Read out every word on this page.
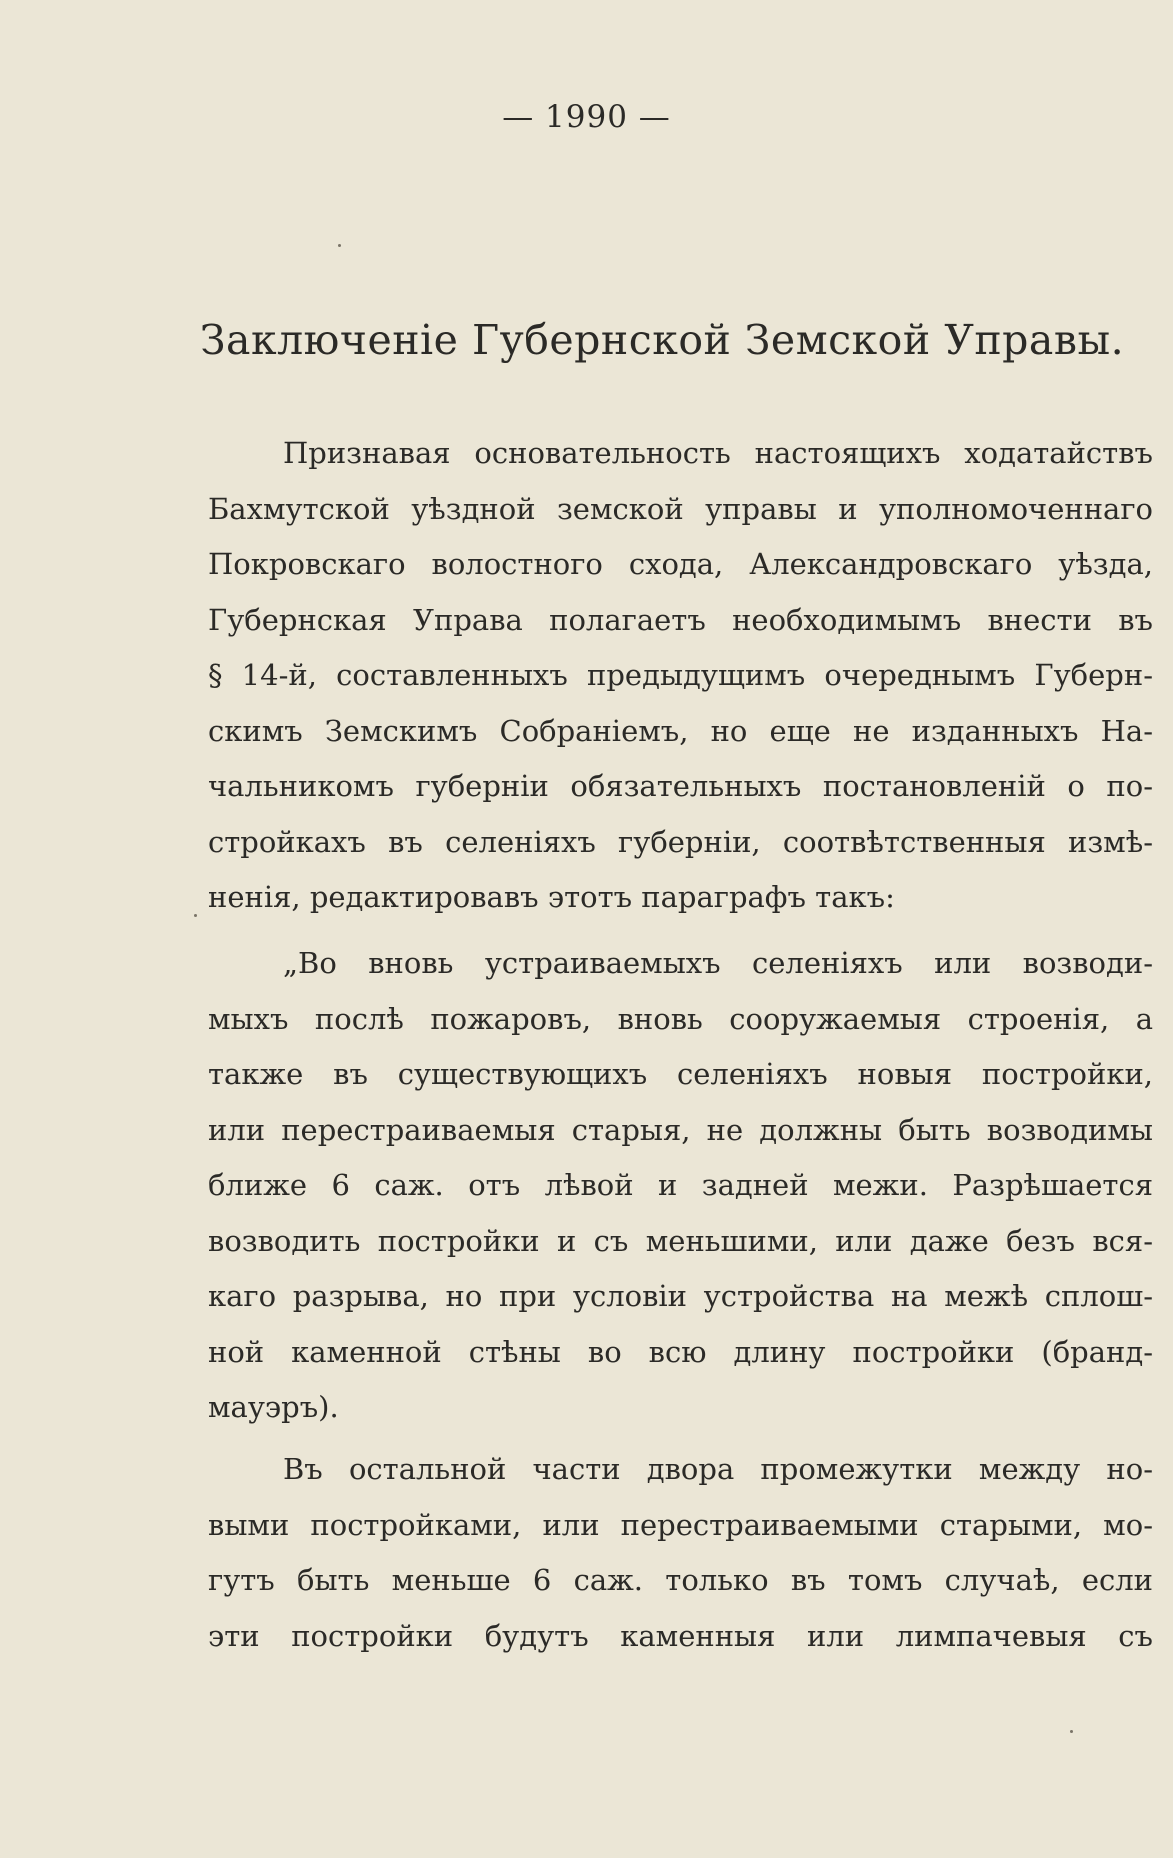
— 1990 —
Заключеніе Губернской Земской Управы.
Признавая основательность настоящихъ ходатайствъ
Бахмутской уѣздной земской управы и уполномоченнаго
Покровскаго волостного схода, Александровскаго уѣзда,
Губернская Управа полагаетъ необходимымъ внести въ
§ 14-й, составленныхъ предыдущимъ очереднымъ Губерн-
скимъ Земскимъ Собраніемъ, но еще не изданныхъ На-
чальникомъ губерніи обязательныхъ постановленій о по-
стройкахъ въ селеніяхъ губерніи, соотвѣтственныя измѣ-
ненія, редактировавъ этотъ параграфъ такъ:
„Во вновь устраиваемыхъ селеніяхъ или возводи-
мыхъ послѣ пожаровъ, вновь сооружаемыя строенія, а
также въ существующихъ селеніяхъ новыя постройки,
или перестраиваемыя старыя, не должны быть возводимы
ближе 6 саж. отъ лѣвой и задней межи. Разрѣшается
возводить постройки и съ меньшими, или даже безъ вся-
каго разрыва, но при условіи устройства на межѣ сплош-
ной каменной стѣны во всю длину постройки (бранд-
мауэръ).
Въ остальной части двора промежутки между но-
выми постройками, или перестраиваемыми старыми, мо-
гутъ быть меньше 6 саж. только въ томъ случаѣ, если
эти постройки будутъ каменныя или лимпачевыя съ
